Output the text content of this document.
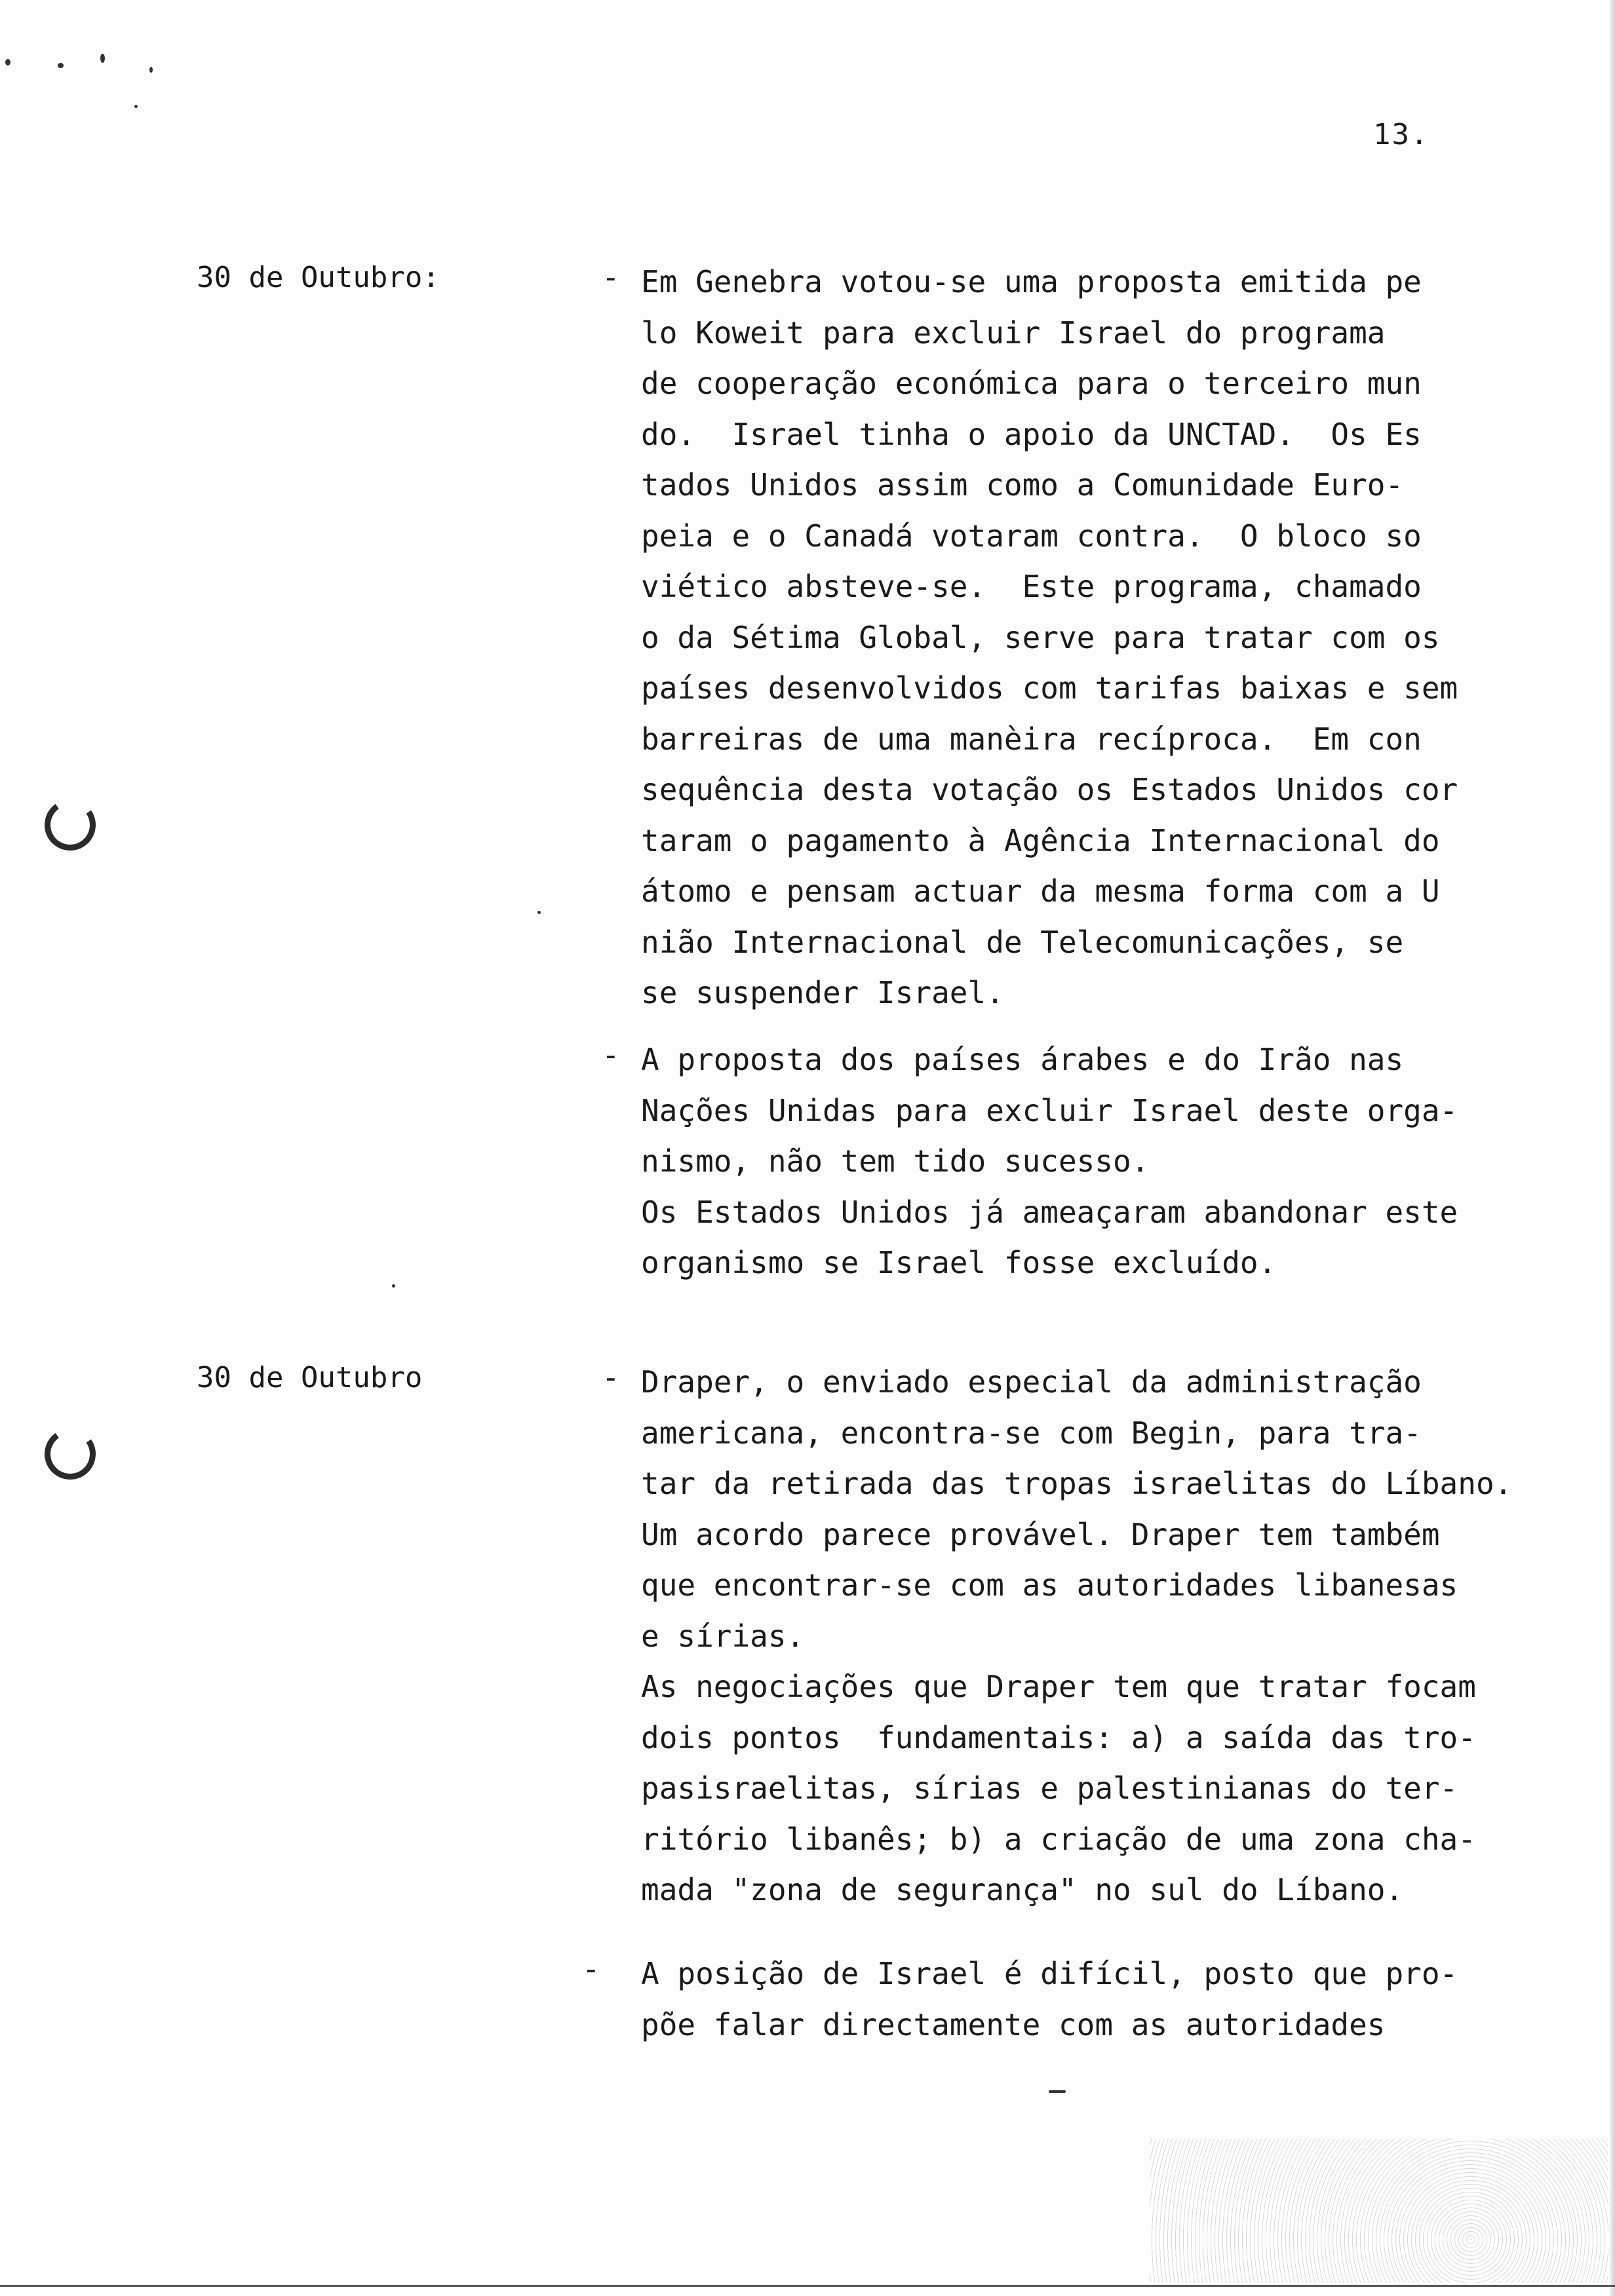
13.
30 de Outubro:	- Em Genebra votou-se uma proposta emitida pe
lo Koweit para excluir Israel do programa
de cooperação económica para o terceiro mun
do.  Israel tinha o apoio da UNCTAD.  Os Es
tados Unidos assim como a Comunidade Euro-
peia e o Canadá votaram contra.  O bloco so
viético absteve-se.  Este programa, chamado
o da Sétima Global, serve para tratar com os
países desenvolvidos com tarifas baixas e sem
barreiras de uma manèira recíproca.  Em con
sequência desta votação os Estados Unidos cor
taram o pagamento à Agência Internacional do
átomo e pensam actuar da mesma forma com a U
nião Internacional de Telecomunicações, se
se suspender Israel.
- A proposta dos países árabes e do Irão nas
Nações Unidas para excluir Israel deste orga-
nismo, não tem tido sucesso.
Os Estados Unidos já ameaçaram abandonar este
organismo se Israel fosse excluído.
30 de Outubro	- Draper, o enviado especial da administração
americana, encontra-se com Begin, para tra-
tar da retirada das tropas israelitas do Líbano.
Um acordo parece provável. Draper tem também
que encontrar-se com as autoridades libanesas
e sírias.
As negociações que Draper tem que tratar focam
dois pontos  fundamentais: a) a saída das tro-
pasisraelitas, sírias e palestinianas do ter-
ritório libanês; b) a criação de uma zona cha-
mada "zona de segurança" no sul do Líbano.
- A posição de Israel é difícil, posto que pro-
põe falar directamente com as autoridades
